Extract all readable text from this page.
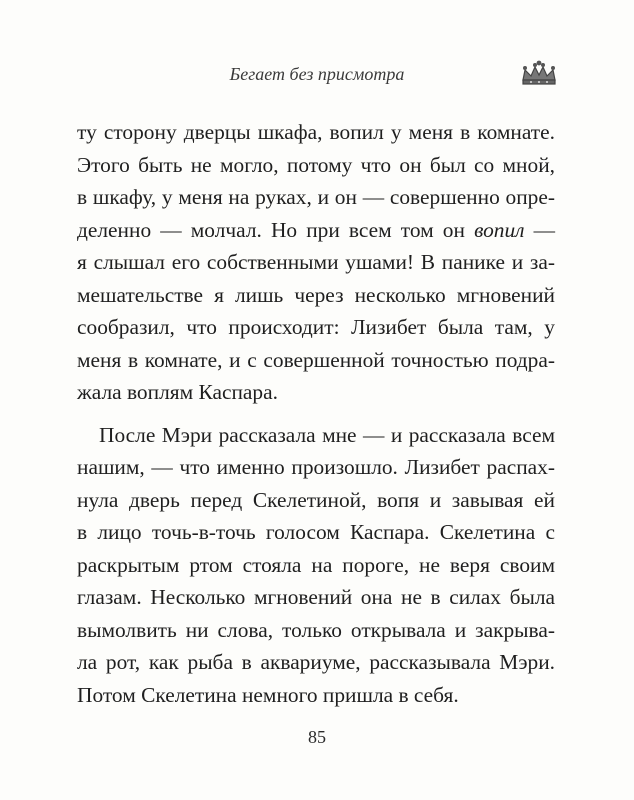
Бегает без присмотра
ту сторону дверцы шкафа, вопил у меня в комнате.
Этого быть не могло, потому что он был со мной,
в шкафу, у меня на руках, и он — совершенно опре-
деленно — молчал. Но при всем том он вопил —
я слышал его собственными ушами! В панике и за-
мешательстве я лишь через несколько мгновений
сообразил, что происходит: Лизибет была там, у
меня в комнате, и с совершенной точностью подра-
жала воплям Каспара.
После Мэри рассказала мне — и рассказала всем
нашим, — что именно произошло. Лизибет распах-
нула дверь перед Скелетиной, вопя и завывая ей
в лицо точь-в-точь голосом Каспара. Скелетина с
раскрытым ртом стояла на пороге, не веря своим
глазам. Несколько мгновений она не в силах была
вымолвить ни слова, только открывала и закрыва-
ла рот, как рыба в аквариуме, рассказывала Мэри.
Потом Скелетина немного пришла в себя.
85
